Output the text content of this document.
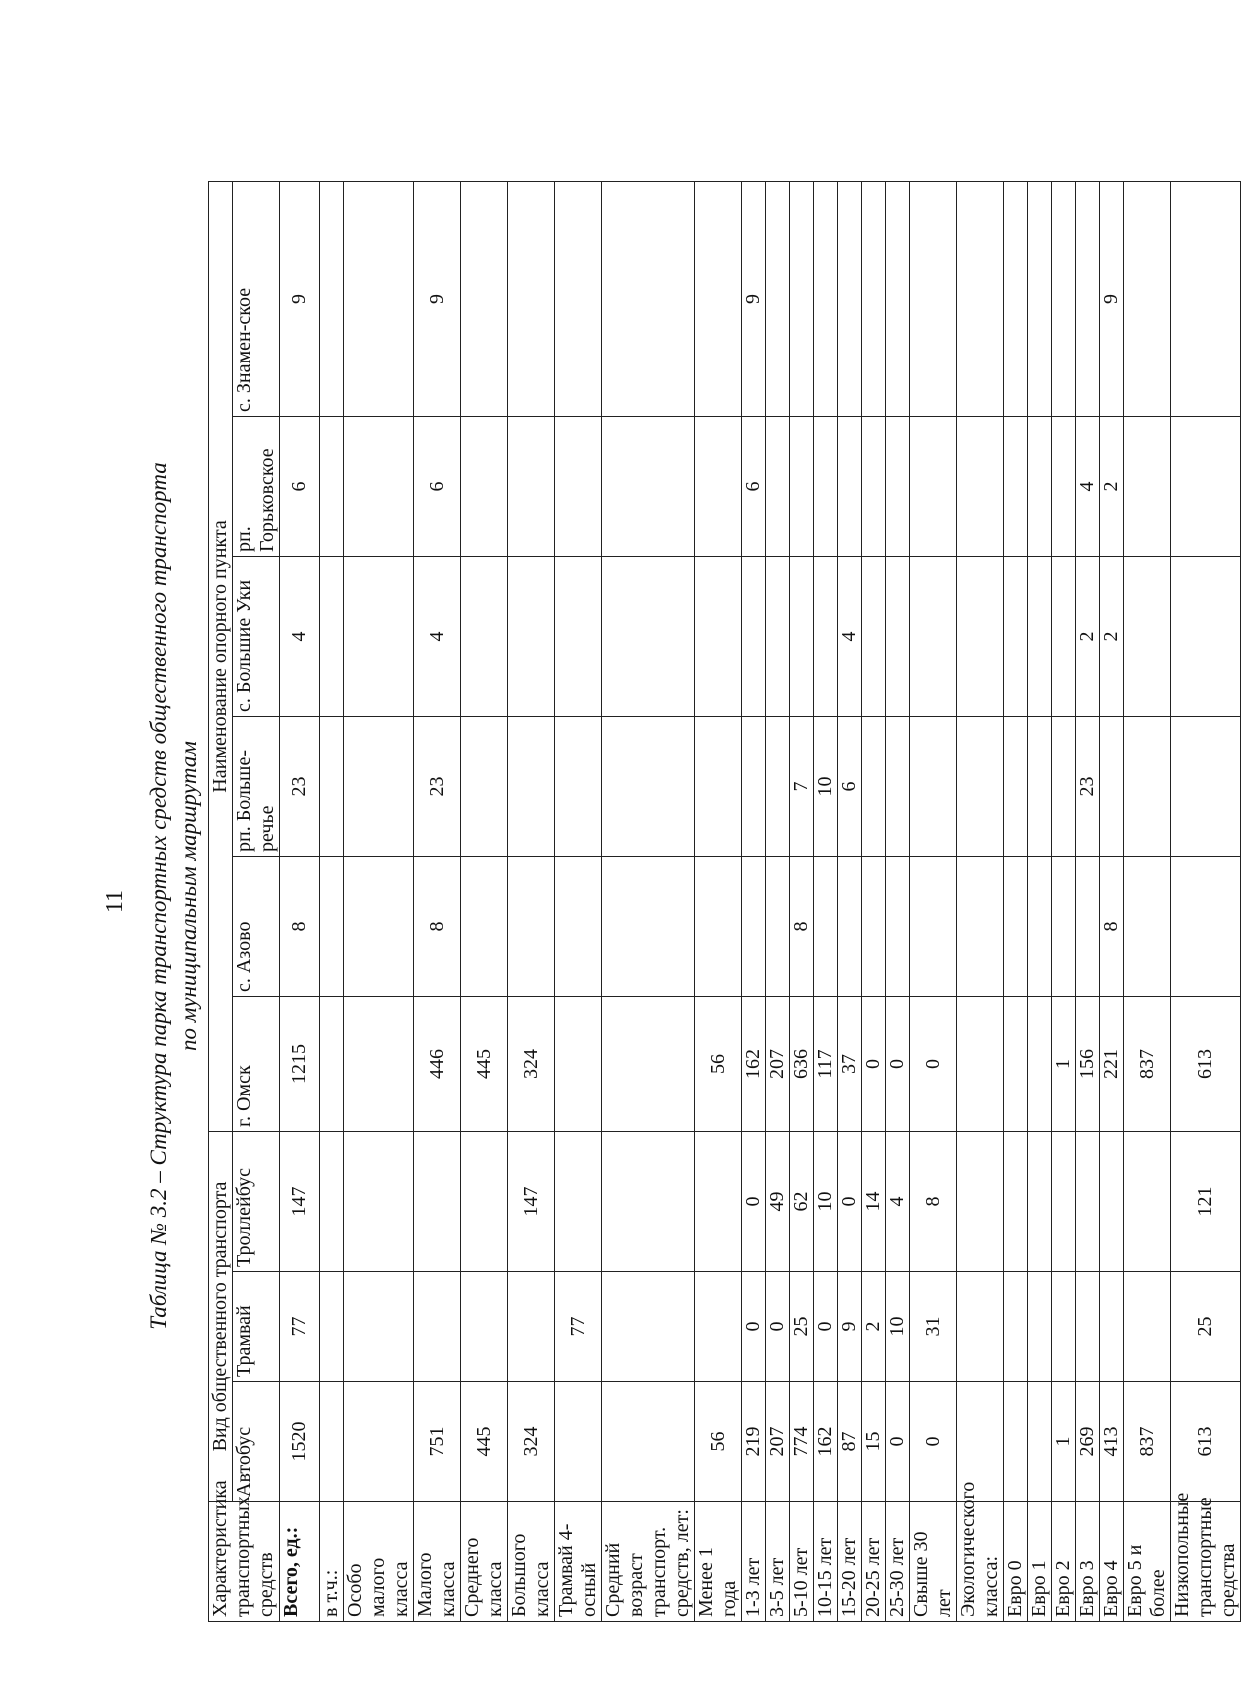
11 Таблица № 3.2 – Структура парка транспортных средств общественного транспорта по муниципальным маршрутам
Характеристика транспортных средств	Вид общественного транспорта			Наименование опорного пункта					
	Автобус	Трамвай	Троллейбус	г. Омск	с. Азово	рп. Больше-речье	с. Большие Уки	рп. Горьковское	с. Знамен-ское
Всего, ед.:	1520	77	147	1215	8	23	4	6	9
в т.ч.:									
Особо малого класса									
Малого класса	751			446	8	23	4	6	9
Среднего класса	445			445					
Большого класса	324		147	324					
Трамвай 4-осный		77							
Средний возраст транспорт. средств, лет:									
Менее 1 года	56			56					
1-3 лет	219	0	0	162				6	9
3-5 лет	207	0	49	207					
5-10 лет	774	25	62	636	8	7			
10-15 лет	162	0	10	117		10			
15-20 лет	87	9	0	37		6	4		
20-25 лет	15	2	14	0					
25-30 лет	0	10	4	0					
Свыше 30 лет	0	31	8	0					
Экологического класса:									
Евро 0									
Евро 1									
Евро 2	1			1					
Евро 3	269			156		23	2	4	
Евро 4	413			221	8		2	2	9
Евро 5 и более	837			837					
Низкопольные транспортные средства	613	25	121	613					
